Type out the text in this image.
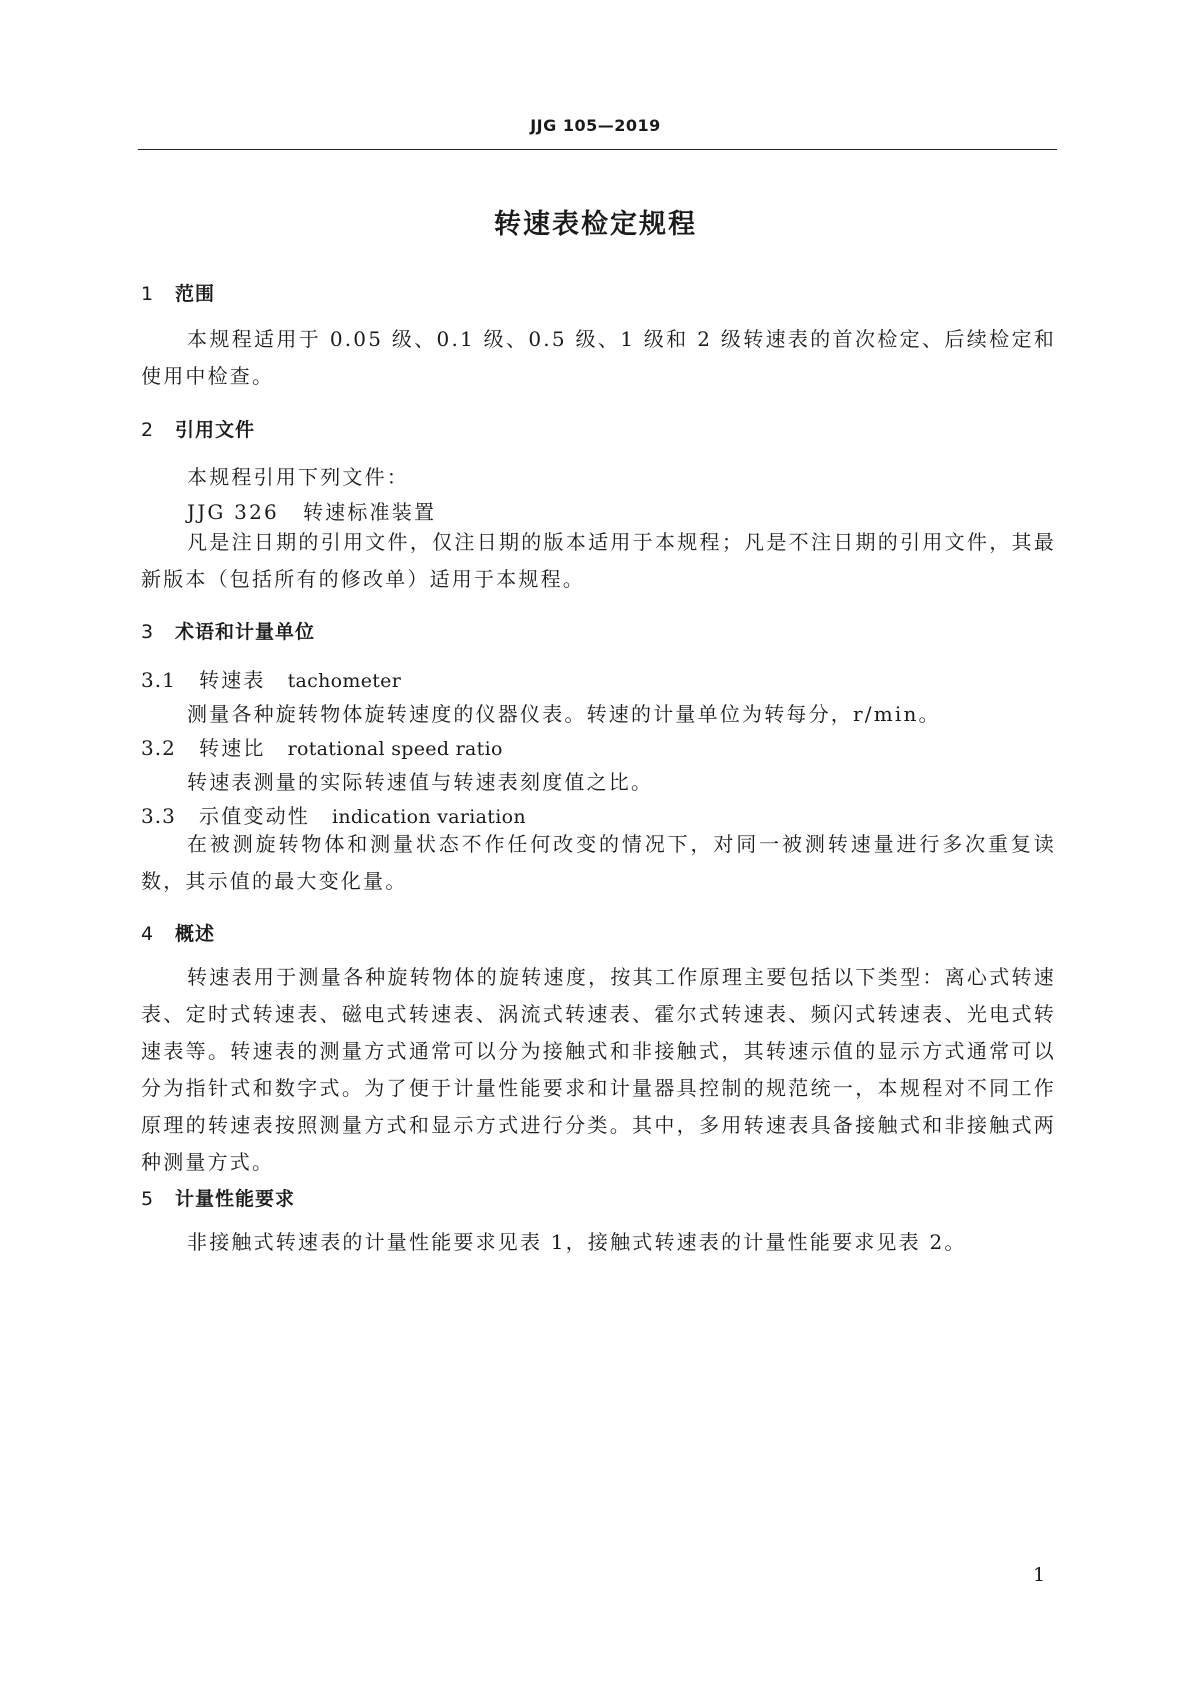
JJG 105—2019
转速表检定规程
1 范围
本规程适用于 0.05 级、0.1 级、0.5 级、1 级和 2 级转速表的首次检定、后续检定和使用中检查。
2 引用文件
本规程引用下列文件：
JJG 326 转速标准装置
凡是注日期的引用文件，仅注日期的版本适用于本规程；凡是不注日期的引用文件，其最新版本（包括所有的修改单）适用于本规程。
3 术语和计量单位
3.1 转速表 tachometer
测量各种旋转物体旋转速度的仪器仪表。转速的计量单位为转每分，r/min。
3.2 转速比 rotational speed ratio
转速表测量的实际转速值与转速表刻度值之比。
3.3 示值变动性 indication variation
在被测旋转物体和测量状态不作任何改变的情况下，对同一被测转速量进行多次重复读数，其示值的最大变化量。
4 概述
转速表用于测量各种旋转物体的旋转速度，按其工作原理主要包括以下类型：离心式转速表、定时式转速表、磁电式转速表、涡流式转速表、霍尔式转速表、频闪式转速表、光电式转速表等。转速表的测量方式通常可以分为接触式和非接触式，其转速示值的显示方式通常可以分为指针式和数字式。为了便于计量性能要求和计量器具控制的规范统一，本规程对不同工作原理的转速表按照测量方式和显示方式进行分类。其中，多用转速表具备接触式和非接触式两种测量方式。
5 计量性能要求
非接触式转速表的计量性能要求见表 1，接触式转速表的计量性能要求见表 2。
1
